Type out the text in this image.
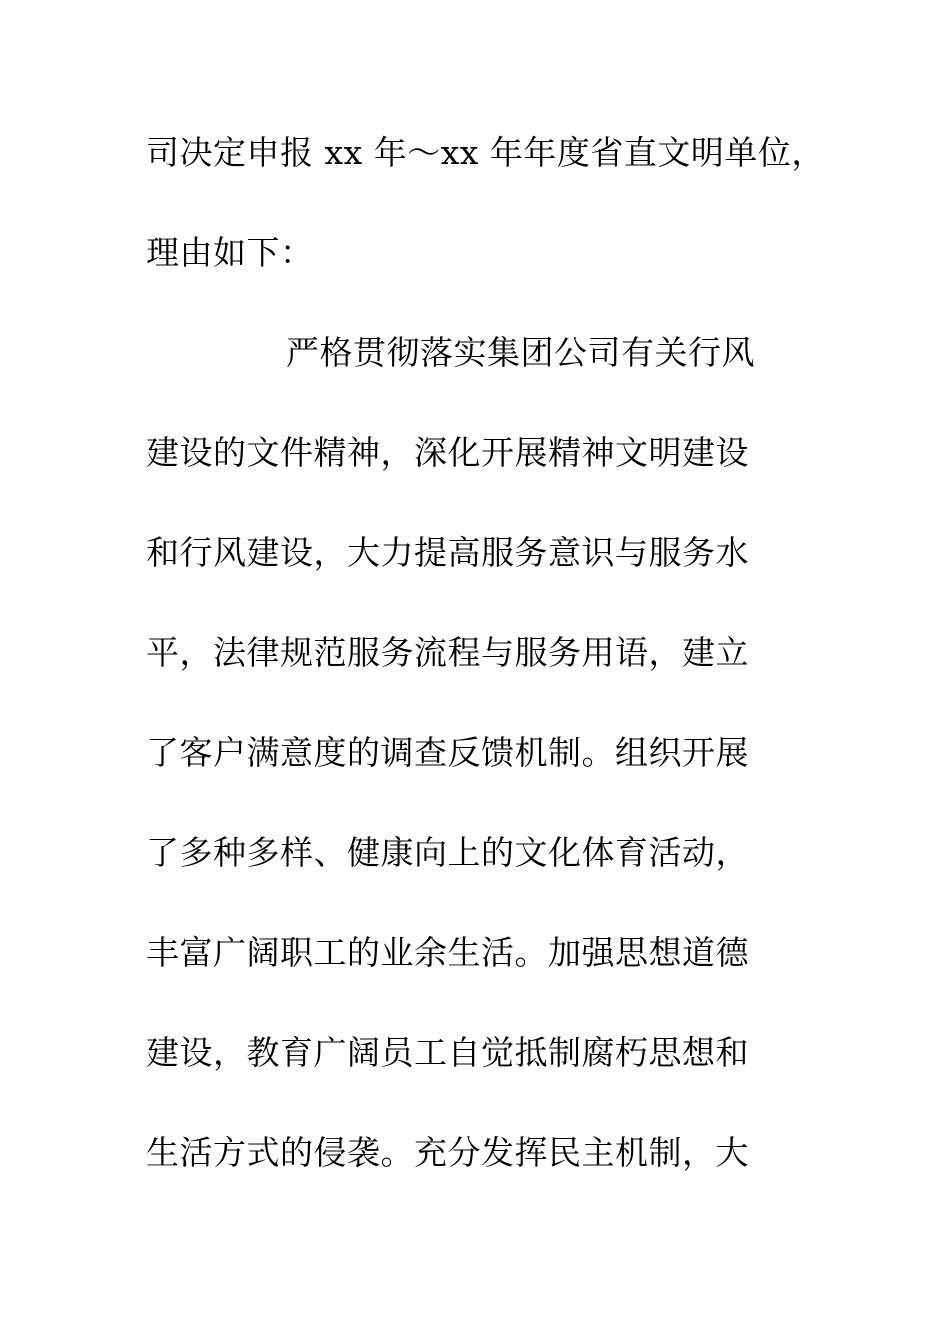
司决定申报 xx 年～xx 年年度省直文明单位，
理由如下：
严格贯彻落实集团公司有关行风
建设的文件精神，深化开展精神文明建设
和行风建设，大力提高服务意识与服务水
平，法律规范服务流程与服务用语，建立
了客户满意度的调查反馈机制。组织开展
了多种多样、健康向上的文化体育活动，
丰富广阔职工的业余生活。加强思想道德
建设，教育广阔员工自觉抵制腐朽思想和
生活方式的侵袭。充分发挥民主机制，大
